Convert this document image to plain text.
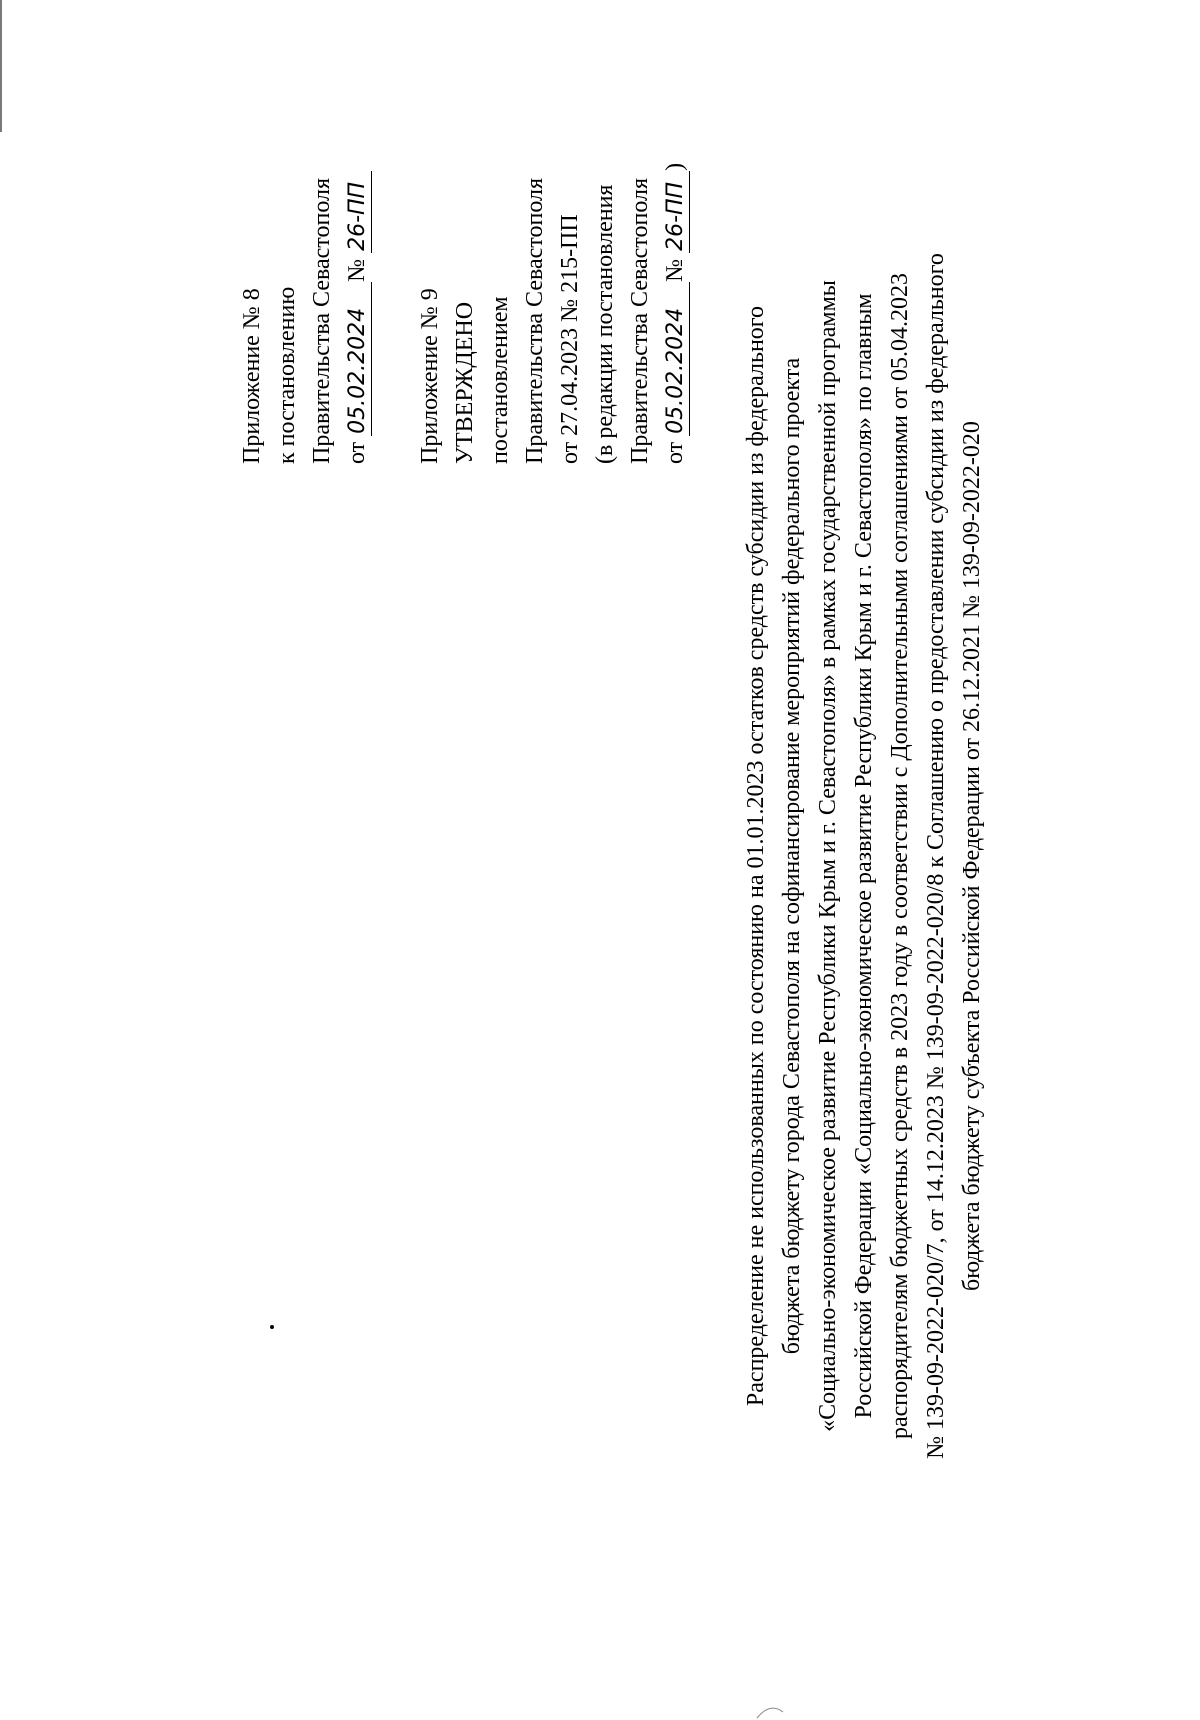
Приложение № 8 к постановлению Правительства Севастополя от 05.02.2024№ 26-ПП
Приложение № 9 УТВЕРЖДЕНО постановлением Правительства Севастополя от 27.04.2023 № 215-ПП (в редакции постановления Правительства Севастополя от 05.02.2024№ 26-ПП)
Распределение не использованных по состоянию на 01.01.2023 остатков средств субсидии из федерального бюджета бюджету города Севастополя на софинансирование мероприятий федерального проекта «Социально-экономическое развитие Республики Крым и г. Севастополя» в рамках государственной программы Российской Федерации «Социально-экономическое развитие Республики Крым и г. Севастополя» по главным распорядителям бюджетных средств в 2023 году в соответствии с Дополнительными соглашениями от 05.04.2023 № 139-09-2022-020/7, от 14.12.2023 № 139-09-2022-020/8 к Соглашению о предоставлении субсидии из федерального бюджета бюджету субъекта Российской Федерации от 26.12.2021 № 139-09-2022-020
